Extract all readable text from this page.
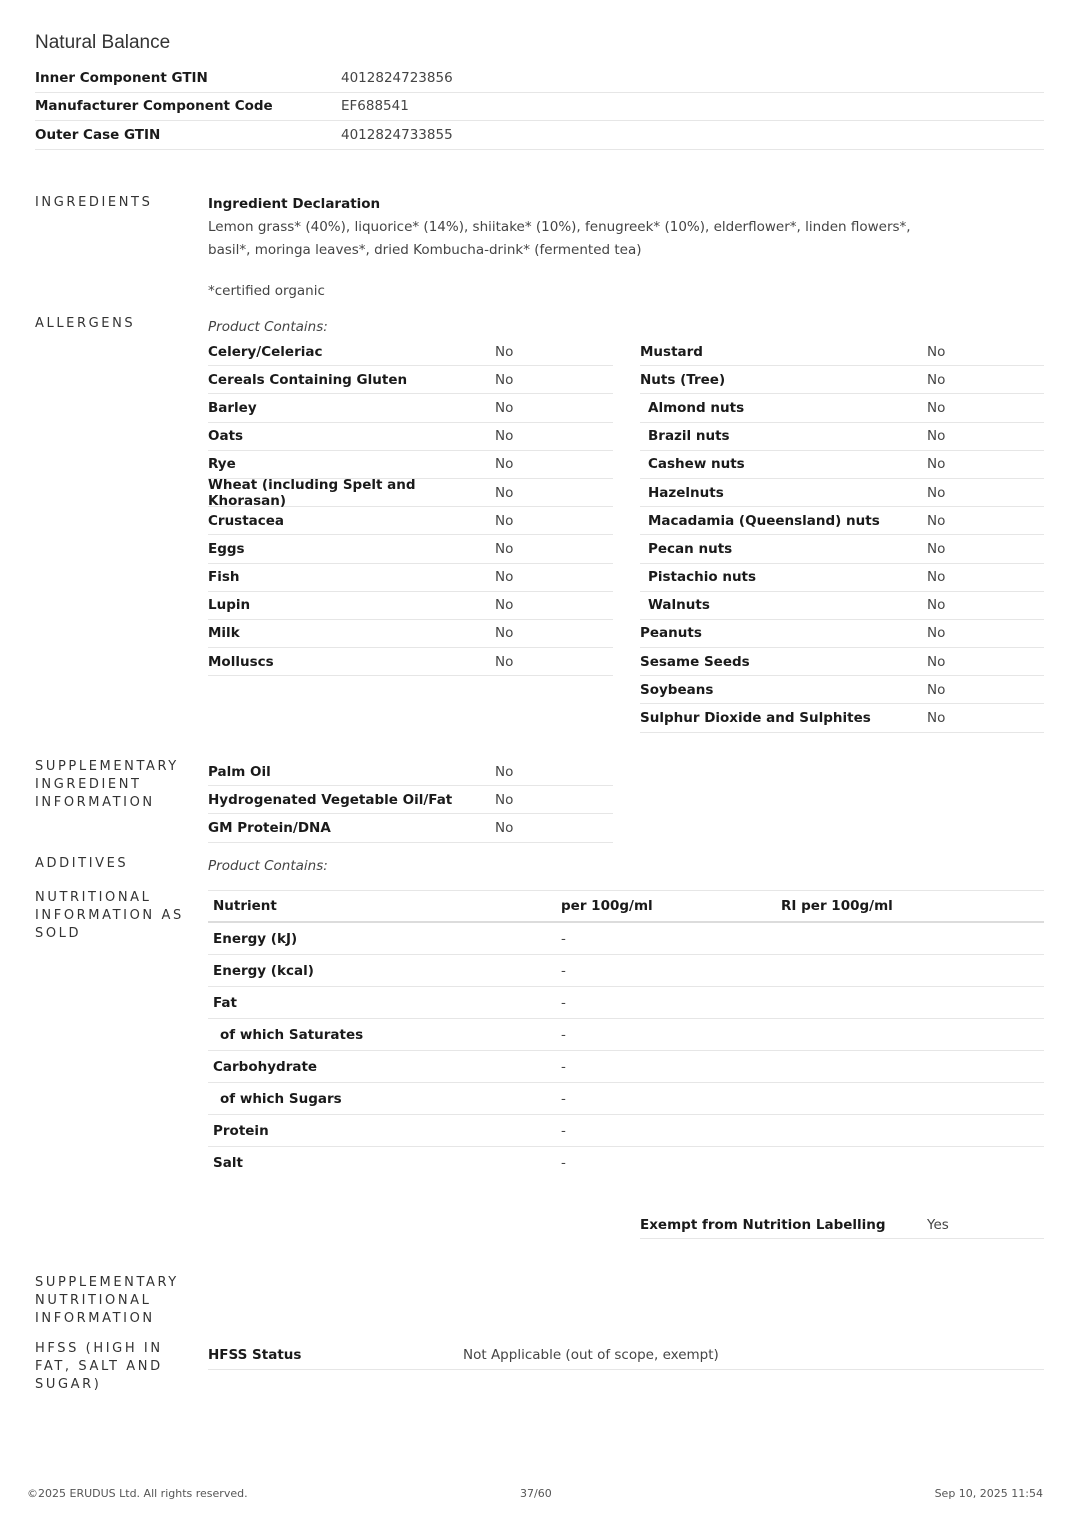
Natural Balance
Inner Component GTIN	4012824723856
Manufacturer Component Code	EF688541
Outer Case GTIN	4012824733855
INGREDIENTS
ALLERGENS
SUPPLEMENTARY INGREDIENT INFORMATION
ADDITIVES
NUTRITIONAL INFORMATION AS SOLD
SUPPLEMENTARY NUTRITIONAL INFORMATION
HFSS (HIGH IN FAT, SALT AND SUGAR)
Ingredient Declaration
Lemon grass* (40%), liquorice* (14%), shiitake* (10%), fenugreek* (10%), elderflower*, linden flowers*, basil*, moringa leaves*, dried Kombucha-drink* (fermented tea)
*certified organic
Product Contains:
Celery/Celeriac	No
Cereals Containing Gluten	No
Barley	No
Oats	No
Rye	No
Wheat (including Spelt and Khorasan)	No
Crustacea	No
Eggs	No
Fish	No
Lupin	No
Milk	No
Molluscs	No
Mustard	No
Nuts (Tree)	No
Almond nuts	No
Brazil nuts	No
Cashew nuts	No
Hazelnuts	No
Macadamia (Queensland) nuts	No
Pecan nuts	No
Pistachio nuts	No
Walnuts	No
Peanuts	No
Sesame Seeds	No
Soybeans	No
Sulphur Dioxide and Sulphites	No
Palm Oil	No
Hydrogenated Vegetable Oil/Fat	No
GM Protein/DNA	No
Product Contains:
Nutrient	per 100g/ml	RI per 100g/ml
Energy (kJ)	-
Energy (kcal)	-
Fat	-
of which Saturates	-
Carbohydrate	-
of which Sugars	-
Protein	-
Salt	-
Exempt from Nutrition Labelling	Yes
HFSS Status	Not Applicable (out of scope, exempt)
©2025 ERUDUS Ltd. All rights reserved.	37/60	Sep 10, 2025 11:54
